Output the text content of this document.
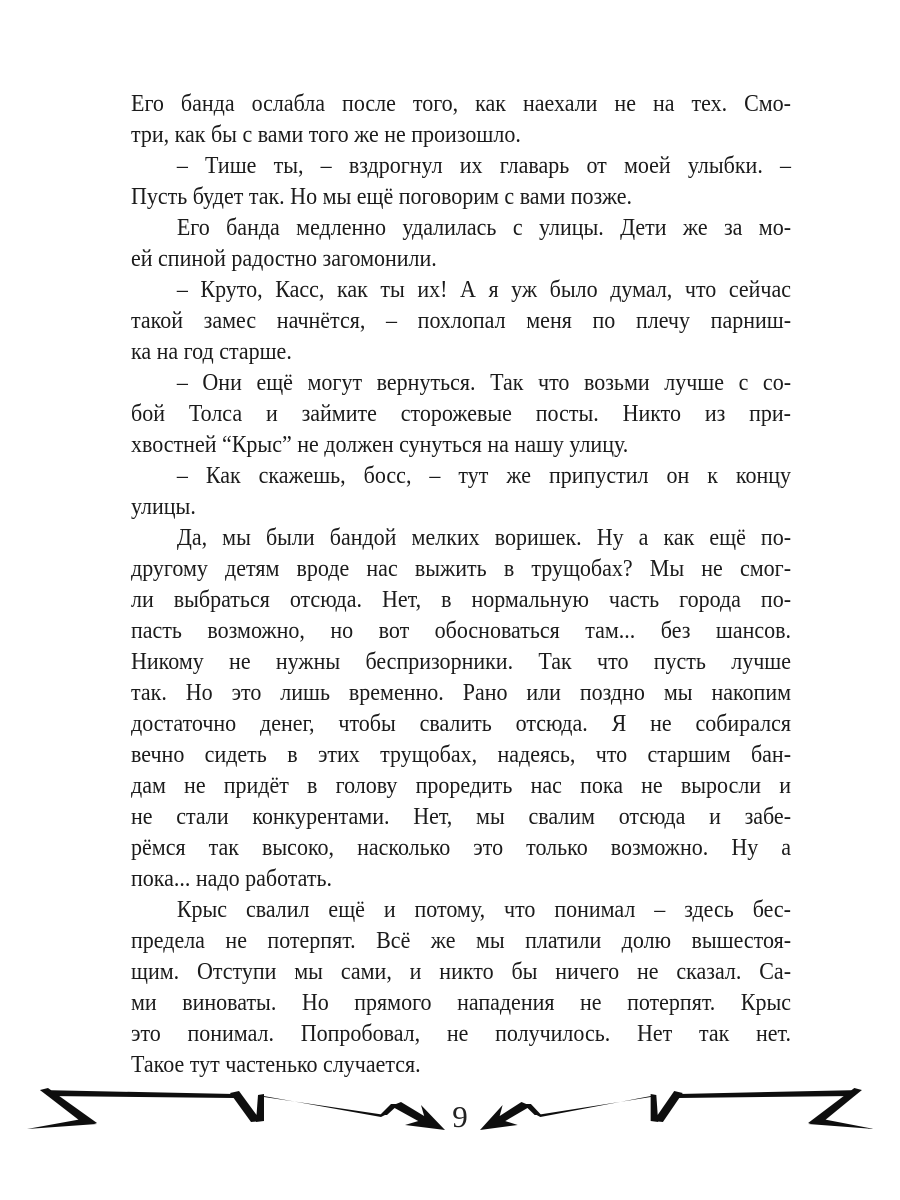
Его банда ослабла после того, как наехали не на тех. Смо-
три, как бы с вами того же не произошло.
– Тише ты, – вздрогнул их главарь от моей улыбки. –
Пусть будет так. Но мы ещё поговорим с вами позже.
Его банда медленно удалилась с улицы. Дети же за мо-
ей спиной радостно загомонили.
– Круто, Касс, как ты их! А я уж было думал, что сейчас
такой замес начнётся, – похлопал меня по плечу парниш-
ка на год старше.
– Они ещё могут вернуться. Так что возьми лучше с со-
бой Толса и займите сторожевые посты. Никто из при-
хвостней “Крыс” не должен сунуться на нашу улицу.
– Как скажешь, босс, – тут же припустил он к концу
улицы.
Да, мы были бандой мелких воришек. Ну а как ещё по-
другому детям вроде нас выжить в трущобах? Мы не смог-
ли выбраться отсюда. Нет, в нормальную часть города по-
пасть возможно, но вот обосноваться там... без шансов.
Никому не нужны беспризорники. Так что пусть лучше
так. Но это лишь временно. Рано или поздно мы накопим
достаточно денег, чтобы свалить отсюда. Я не собирался
вечно сидеть в этих трущобах, надеясь, что старшим бан-
дам не придёт в голову проредить нас пока не выросли и
не стали конкурентами. Нет, мы свалим отсюда и забе-
рёмся так высоко, насколько это только возможно. Ну а
пока... надо работать.
Крыс свалил ещё и потому, что понимал – здесь бес-
предела не потерпят. Всё же мы платили долю вышестоя-
щим. Отступи мы сами, и никто бы ничего не сказал. Са-
ми виноваты. Но прямого нападения не потерпят. Крыс
это понимал. Попробовал, не получилось. Нет так нет.
Такое тут частенько случается.
9
